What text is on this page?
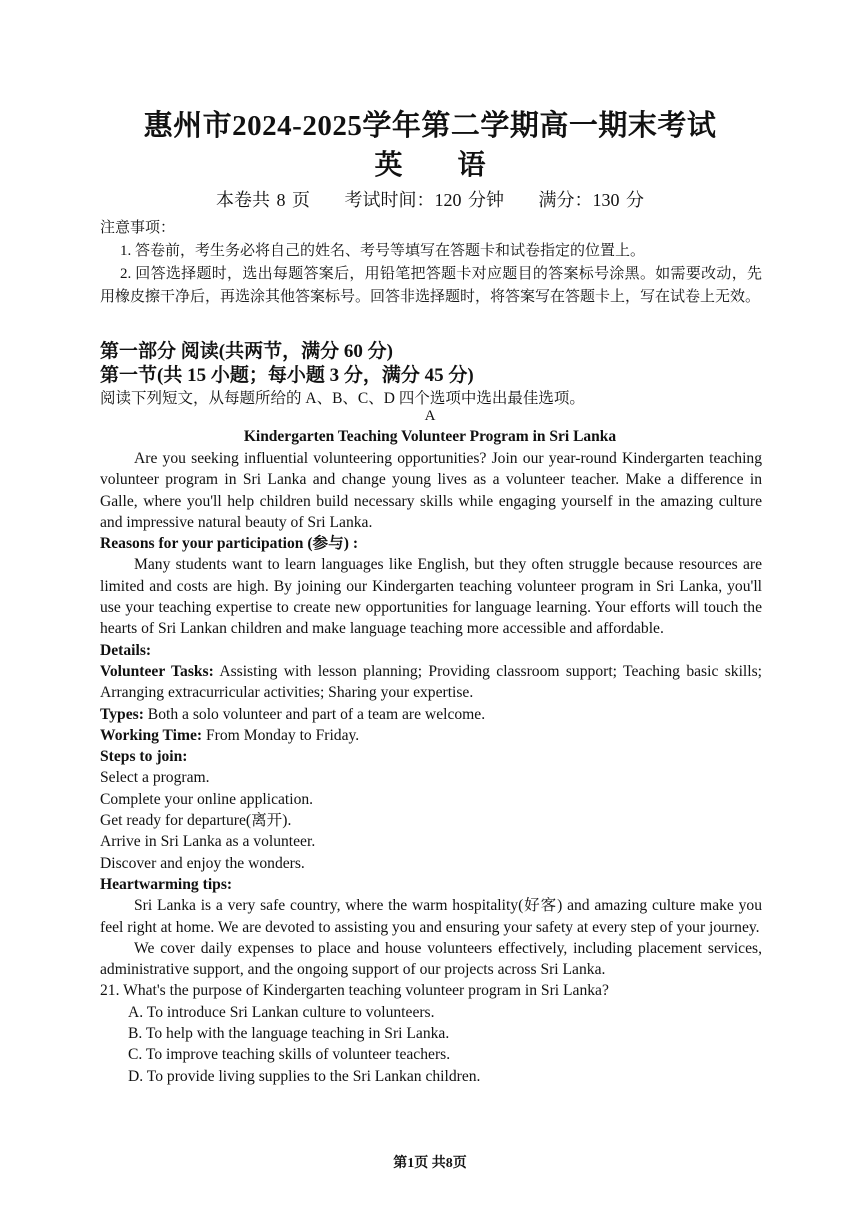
惠州市2024-2025学年第二学期高一期末考试
英 语
本卷共 8 页 考试时间：120 分钟 满分：130 分

注意事项：

1. 答卷前，考生务必将自己的姓名、考号等填写在答题卡和试卷指定的位置上。

2. 回答选择题时，选出每题答案后，用铅笔把答题卡对应题目的答案标号涂黑。如需要改动，先用橡皮擦干净后，再选涂其他答案标号。回答非选择题时，将答案写在答题卡上，写在试卷上无效。

第一部分 阅读(共两节，满分 60 分)
第一节(共 15 小题；每小题 3 分，满分 45 分)
阅读下列短文，从每题所给的 A、B、C、D 四个选项中选出最佳选项。
A
Kindergarten Teaching Volunteer Program in Sri Lanka

Are you seeking influential volunteering opportunities? Join our year-round Kindergarten teaching volunteer program in Sri Lanka and change young lives as a volunteer teacher. Make a difference in Galle, where you'll help children build necessary skills while engaging yourself in the amazing culture and impressive natural beauty of Sri Lanka.

Reasons for your participation (参与) :

Many students want to learn languages like English, but they often struggle because resources are limited and costs are high. By joining our Kindergarten teaching volunteer program in Sri Lanka, you'll use your teaching expertise to create new opportunities for language learning. Your efforts will touch the hearts of Sri Lankan children and make language teaching more accessible and affordable.

Details:

Volunteer Tasks: Assisting with lesson planning; Providing classroom support; Teaching basic skills; Arranging extracurricular activities; Sharing your expertise.

Types: Both a solo volunteer and part of a team are welcome.

Working Time: From Monday to Friday.

Steps to join:

Select a program.

Complete your online application.

Get ready for departure(离开).

Arrive in Sri Lanka as a volunteer.

Discover and enjoy the wonders.

Heartwarming tips:

Sri Lanka is a very safe country, where the warm hospitality(好客) and amazing culture make you feel right at home. We are devoted to assisting you and ensuring your safety at every step of your journey.

We cover daily expenses to place and house volunteers effectively, including placement services, administrative support, and the ongoing support of our projects across Sri Lanka.

21. What's the purpose of Kindergarten teaching volunteer program in Sri Lanka?

A. To introduce Sri Lankan culture to volunteers.

B. To help with the language teaching in Sri Lanka.

C. To improve teaching skills of volunteer teachers.

D. To provide living supplies to the Sri Lankan children.

第1页 共8页
